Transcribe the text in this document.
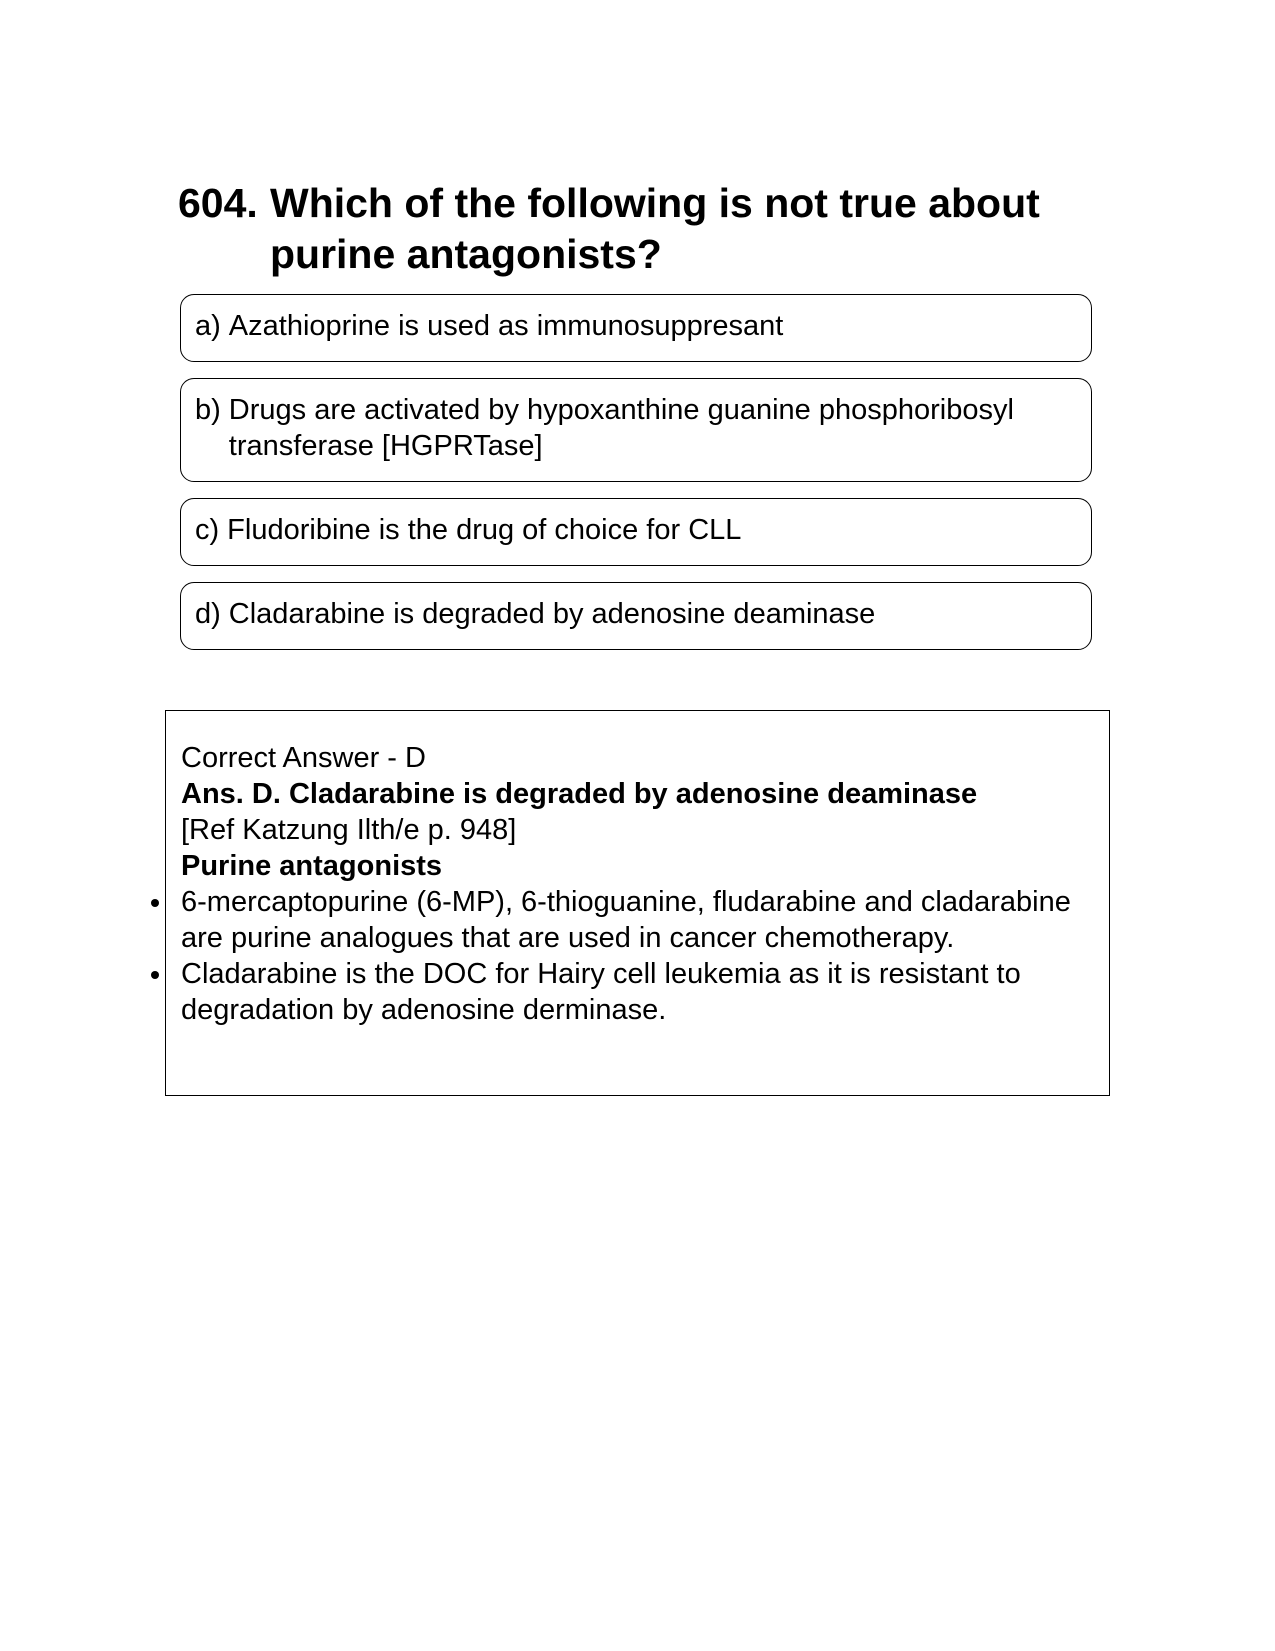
604. Which of the following is not true about purine antagonists?
a) Azathioprine is used as immunosuppresant
b) Drugs are activated by hypoxanthine guanine phosphoribosyl transferase [HGPRTase]
c) Fludoribine is the drug of choice for CLL
d) Cladarabine is degraded by adenosine deaminase

Correct Answer - D

Ans. D. Cladarabine is degraded by adenosine deaminase

[Ref Katzung Ilth/e p. 948]

Purine antagonists

6-mercaptopurine (6-MP), 6-thioguanine, fludarabine and cladarabine are purine analogues that are used in cancer chemotherapy.
Cladarabine is the DOC for Hairy cell leukemia as it is resistant to degradation by adenosine derminase.
